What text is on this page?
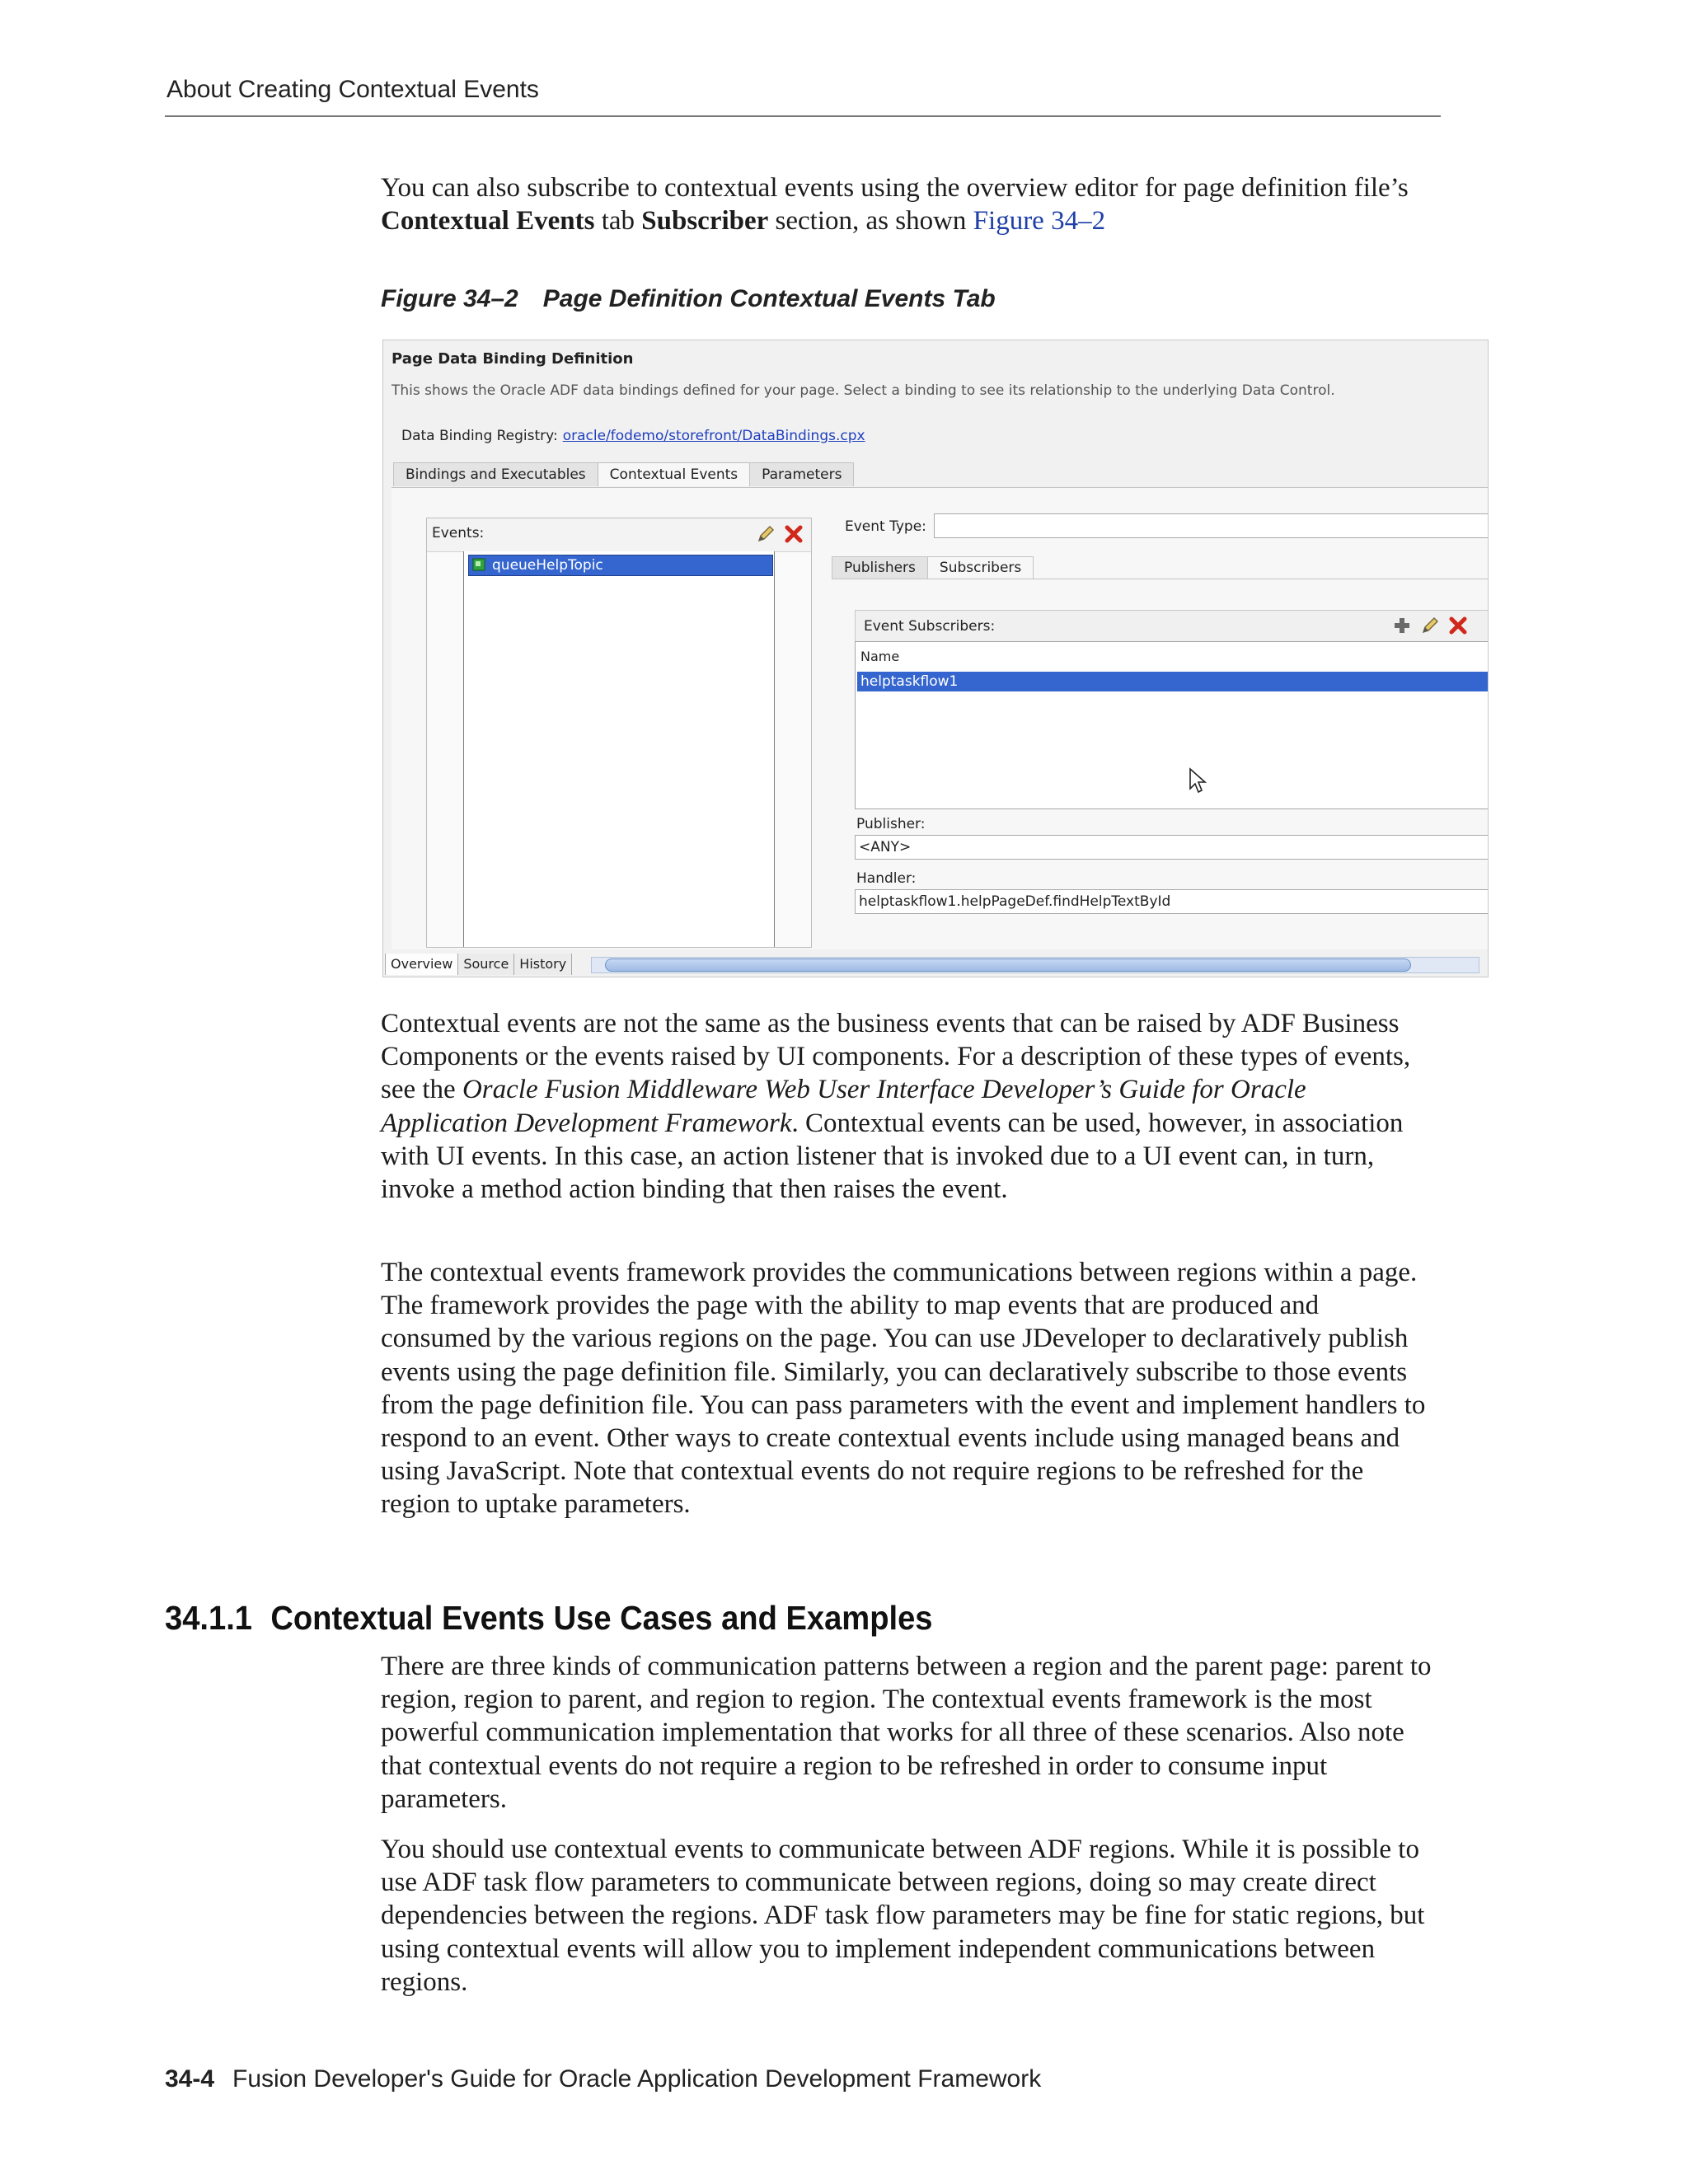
About Creating Contextual Events

You can also subscribe to contextual events using the overview editor for page definition file’s Contextual Events tab Subscriber section, as shown Figure 34–2

Figure 34–2 Page Definition Contextual Events Tab
Page Data Binding Definition
This shows the Oracle ADF data bindings defined for your page. Select a binding to see its relationship to the underlying Data Control.
Data Binding Registry: oracle/fodemo/storefront/DataBindings.cpx
Bindings and Executables	Contextual Events	Parameters
Events:
queueHelpTopic
Event Type:
Publishers	Subscribers
Event Subscribers:
Name
helptaskflow1
Publisher:
<ANY>
Handler:
helptaskflow1.helpPageDef.findHelpTextById
Overview Source History

Contextual events are not the same as the business events that can be raised by ADF Business Components or the events raised by UI components. For a description of these types of events, see the Oracle Fusion Middleware Web User Interface Developer’s Guide for Oracle Application Development Framework. Contextual events can be used, however, in association with UI events. In this case, an action listener that is invoked due to a UI event can, in turn, invoke a method action binding that then raises the event.

The contextual events framework provides the communications between regions within a page. The framework provides the page with the ability to map events that are produced and consumed by the various regions on the page. You can use JDeveloper to declaratively publish events using the page definition file. Similarly, you can declaratively subscribe to those events from the page definition file. You can pass parameters with the event and implement handlers to respond to an event. Other ways to create contextual events include using managed beans and using JavaScript. Note that contextual events do not require regions to be refreshed for the region to uptake parameters.

34.1.1 Contextual Events Use Cases and Examples

There are three kinds of communication patterns between a region and the parent page: parent to region, region to parent, and region to region. The contextual events framework is the most powerful communication implementation that works for all three of these scenarios. Also note that contextual events do not require a region to be refreshed in order to consume input parameters.

You should use contextual events to communicate between ADF regions. While it is possible to use ADF task flow parameters to communicate between regions, doing so may create direct dependencies between the regions. ADF task flow parameters may be fine for static regions, but using contextual events will allow you to implement independent communications between regions.

34-4 Fusion Developer's Guide for Oracle Application Development Framework
